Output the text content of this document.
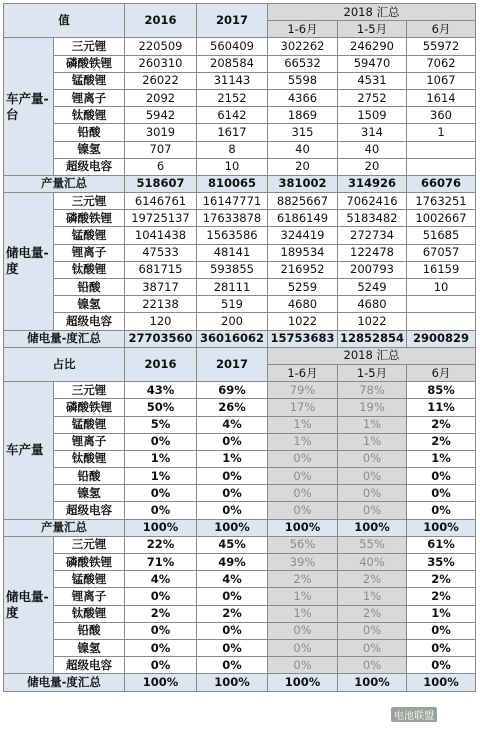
值		2016	2017	2018 汇总		
				1-6月	1-5月	6月
车产量-台	三元锂	220509	560409	302262	246290	55972
	磷酸铁锂	260310	208584	66532	59470	7062
	锰酸锂	26022	31143	5598	4531	1067
	锂离子	2092	2152	4366	2752	1614
	钛酸锂	5942	6142	1869	1509	360
	铅酸	3019	1617	315	314	1
	镍氢	707	8	40	40	
	超级电容	6	10	20	20	
产量汇总		518607	810065	381002	314926	66076
储电量-度	三元锂	6146761	16147771	8825667	7062416	1763251
	磷酸铁锂	19725137	17633878	6186149	5183482	1002667
	锰酸锂	1041438	1563586	324419	272734	51685
	锂离子	47533	48141	189534	122478	67057
	钛酸锂	681715	593855	216952	200793	16159
	铅酸	38717	28111	5259	5249	10
	镍氢	22138	519	4680	4680	
	超级电容	120	200	1022	1022	
储电量-度汇总		27703560	36016062	15753683	12852854	2900829
占比		2016	2017	2018 汇总		
				1-6月	1-5月	6月
车产量	三元锂	43%	69%	79%	78%	85%
	磷酸铁锂	50%	26%	17%	19%	11%
	锰酸锂	5%	4%	1%	1%	2%
	锂离子	0%	0%	1%	1%	2%
	钛酸锂	1%	1%	0%	0%	1%
	铅酸	1%	0%	0%	0%	0%
	镍氢	0%	0%	0%	0%	0%
	超级电容	0%	0%	0%	0%	0%
产量汇总		100%	100%	100%	100%	100%
储电量-度	三元锂	22%	45%	56%	55%	61%
	磷酸铁锂	71%	49%	39%	40%	35%
	锰酸锂	4%	4%	2%	2%	2%
	锂离子	0%	0%	1%	1%	2%
	钛酸锂	2%	2%	1%	2%	1%
	铅酸	0%	0%	0%	0%	0%
	镍氢	0%	0%	0%	0%	0%
	超级电容	0%	0%	0%	0%	0%
储电量-度汇总		100%	100%	100%	100%	100%
电池联盟
